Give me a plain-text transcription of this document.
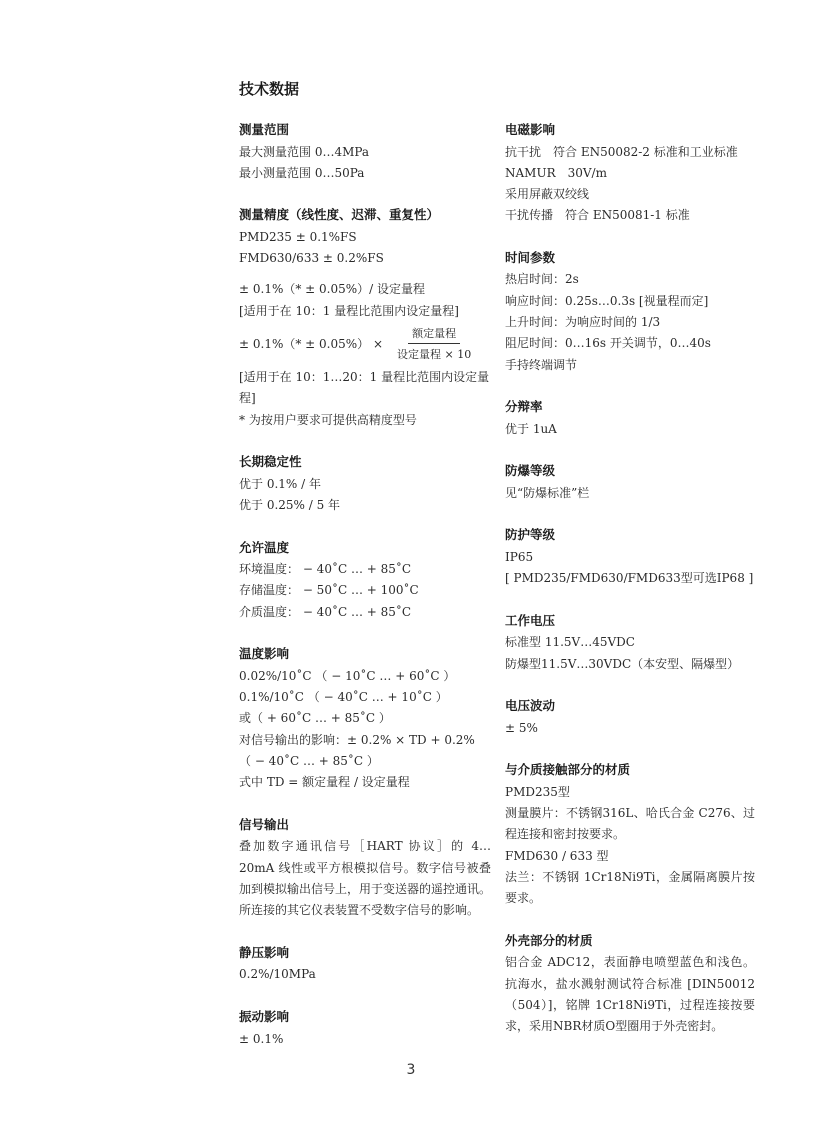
技术数据
测量范围
最大测量范围 0…4MPa
最小测量范围 0…50Pa
测量精度（线性度、迟滞、重复性）
PMD235 ± 0.1%FS
FMD630/633 ± 0.2%FS
± 0.1%（* ± 0.05%）/ 设定量程
[适用于在 10：1 量程比范围内设定量程]
± $0.1\%(* \pm 0.05\%) \times \frac{\text{额定量程}}{\text{设定量程 × 10}}$
[适用于在 10：1…20：1 量程比范围内设定量程]
* 为按用户要求可提供高精度型号
长期稳定性
优于 0.1% / 年
优于 0.25% / 5 年
允许温度
环境温度： − 40˚C … + 85˚C
存储温度： − 50˚C … + 100˚C
介质温度： − 40˚C … + 85˚C
温度影响
0.02%/10˚C （ − 10˚C … + 60˚C ）
0.1%/10˚C （ − 40˚C … + 10˚C ）
或（ + 60˚C … + 85˚C ）
对信号输出的影响：± 0.2% × TD + 0.2%
（ − 40˚C … + 85˚C ）
式中 TD = 额定量程 / 设定量程
信号输出
叠加数字通讯信号［HART 协议］的 4…20mA 线性或平方根模拟信号。数字信号被叠加到模拟输出信号上，用于变送器的遥控通讯。所连接的其它仪表装置不受数字信号的影响。
静压影响
0.2%/10MPa
振动影响
± 0.1%
电磁影响
抗干扰　符合 EN50082-2 标准和工业标准 NAMUR　30V/m
采用屏蔽双绞线
干扰传播　符合 EN50081-1 标准
时间参数
热启时间：2s
响应时间：0.25s…0.3s [视量程而定]
上升时间：为响应时间的 1/3
阻尼时间：0…16s 开关调节，0…40s
手持终端调节
分辩率
优于 1uA
防爆等级
见“防爆标准”栏
防护等级
IP65
[ PMD235/FMD630/FMD633型可选IP68 ]
工作电压
标准型 11.5V…45VDC
防爆型11.5V…30VDC（本安型、隔爆型）
电压波动
± 5%
与介质接触部分的材质
PMD235型
测量膜片：不锈钢316L、哈氏合金 C276、过程连接和密封按要求。
FMD630 / 633 型
法兰：不锈钢 1Cr18Ni9Ti，金属隔离膜片按要求。
外壳部分的材质
铝合金 ADC12，表面静电喷塑蓝色和浅色。抗海水，盐水溅射测试符合标准 [DIN50012（504）]，铭牌 1Cr18Ni9Ti，过程连接按要求，采用NBR材质O型圈用于外壳密封。
3
